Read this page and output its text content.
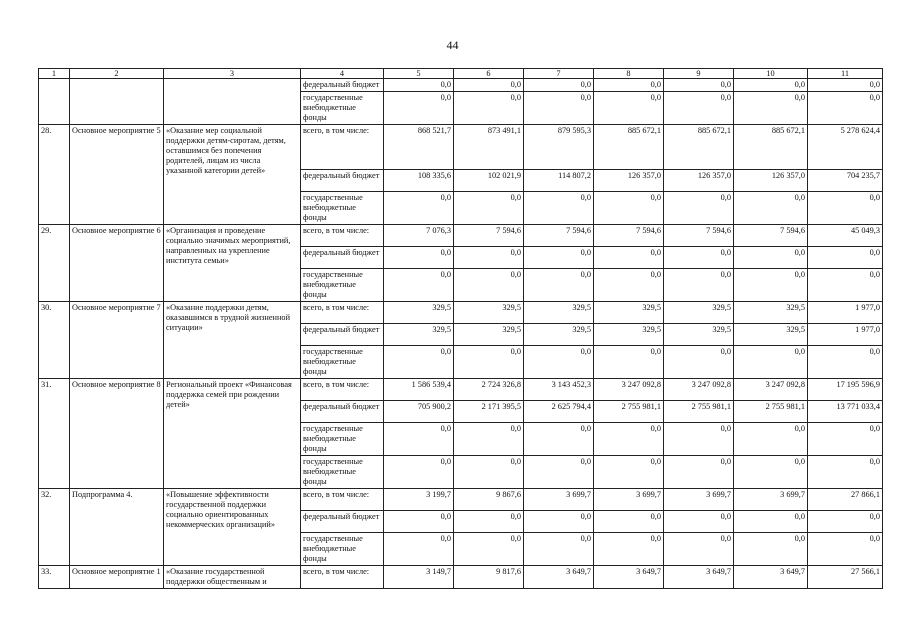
44
1	2	3	4	5	6	7	8	9	10	11
			федеральный бюджет	0,0	0,0	0,0	0,0	0,0	0,0	0,0
			государственные внебюджетные фонды	0,0	0,0	0,0	0,0	0,0	0,0	0,0
28.	Основное мероприятие 5	«Оказание мер социальной поддержки детям-сиротам, детям, оставшимся без попечения родителей, лицам из числа указанной категории детей»	всего, в том числе:	868 521,7	873 491,1	879 595,3	885 672,1	885 672,1	885 672,1	5 278 624,4
			федеральный бюджет	108 335,6	102 021,9	114 807,2	126 357,0	126 357,0	126 357,0	704 235,7
			государственные внебюджетные фонды	0,0	0,0	0,0	0,0	0,0	0,0	0,0
29.	Основное мероприятие 6	«Организация и проведение социально значимых мероприятий, направленных на укрепление института семьи»	всего, в том числе:	7 076,3	7 594,6	7 594,6	7 594,6	7 594,6	7 594,6	45 049,3
			федеральный бюджет	0,0	0,0	0,0	0,0	0,0	0,0	0,0
			государственные внебюджетные фонды	0,0	0,0	0,0	0,0	0,0	0,0	0,0
30.	Основное мероприятие 7	«Оказание поддержки детям, оказавшимся в трудной жизненной ситуации»	всего, в том числе:	329,5	329,5	329,5	329,5	329,5	329,5	1 977,0
			федеральный бюджет	329,5	329,5	329,5	329,5	329,5	329,5	1 977,0
			государственные внебюджетные фонды	0,0	0,0	0,0	0,0	0,0	0,0	0,0
31.	Основное мероприятие 8	Региональный проект «Финансовая поддержка семей при рождении детей»	всего, в том числе:	1 586 539,4	2 724 326,8	3 143 452,3	3 247 092,8	3 247 092,8	3 247 092,8	17 195 596,9
			федеральный бюджет	705 900,2	2 171 395,5	2 625 794,4	2 755 981,1	2 755 981,1	2 755 981,1	13 771 033,4
			государственные внебюджетные фонды	0,0	0,0	0,0	0,0	0,0	0,0	0,0
			государственные внебюджетные фонды	0,0	0,0	0,0	0,0	0,0	0,0	0,0
32.	Подпрограмма 4.	«Повышение эффективности государственной поддержки социально ориентированных некоммерческих организаций»	всего, в том числе:	3 199,7	9 867,6	3 699,7	3 699,7	3 699,7	3 699,7	27 866,1
			федеральный бюджет	0,0	0,0	0,0	0,0	0,0	0,0	0,0
			государственные внебюджетные фонды	0,0	0,0	0,0	0,0	0,0	0,0	0,0
33.	Основное мероприятие 1	«Оказание государственной поддержки общественным и	всего, в том числе:	3 149,7	9 817,6	3 649,7	3 649,7	3 649,7	3 649,7	27 566,1
